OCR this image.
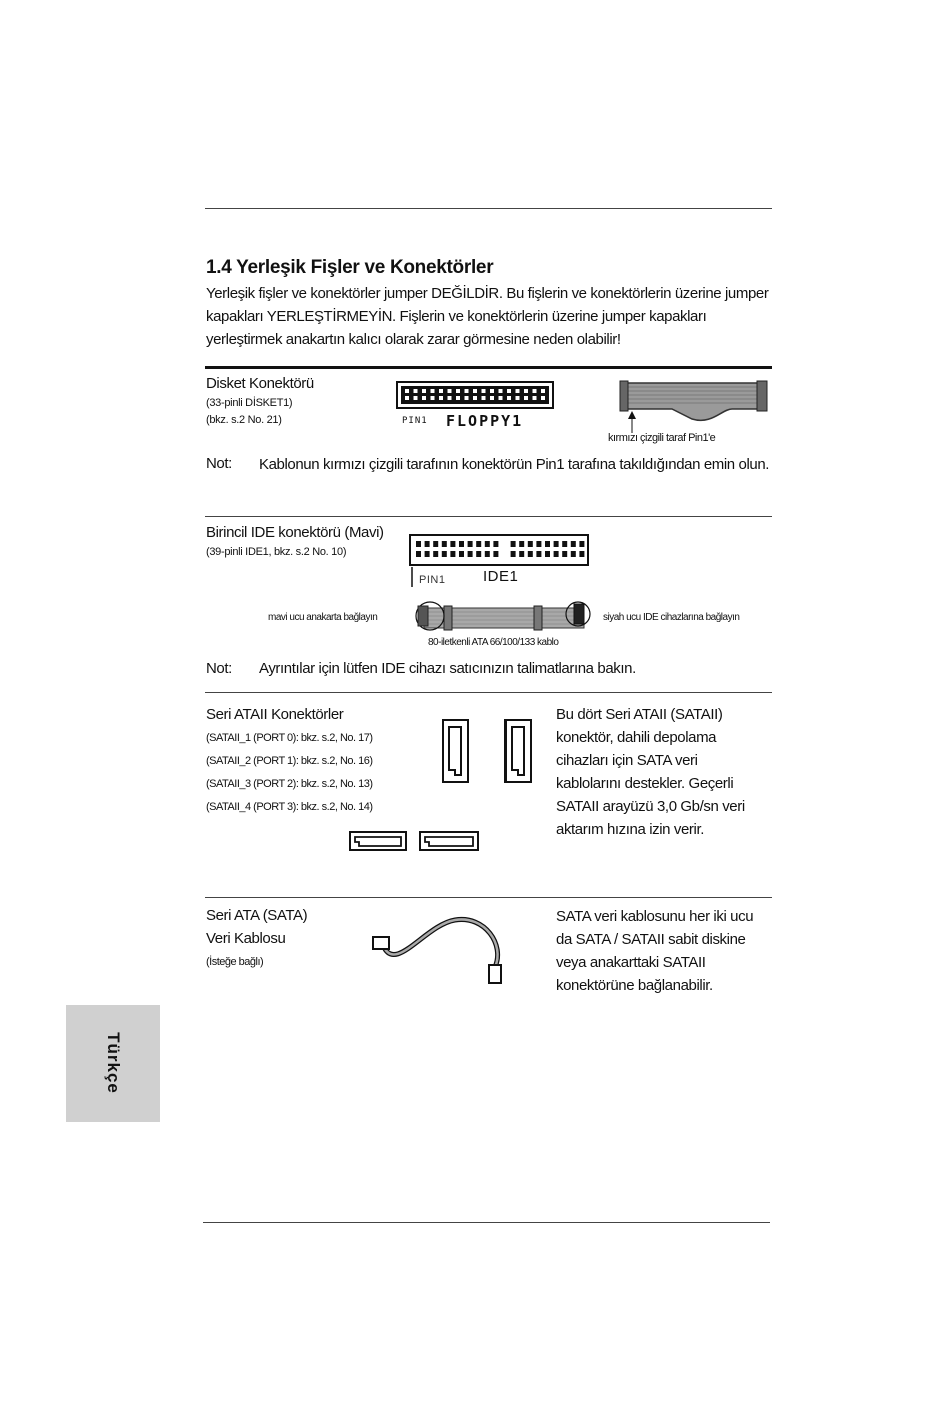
1.4 Yerleşik Fişler ve Konektörler
Yerleşik fişler ve konektörler jumper DEĞİLDİR. Bu fişlerin ve konektörlerin üzerine jumper kapakları YERLEŞTİRMEYİN. Fişlerin ve konektörlerin üzerine jumper kapakları yerleştirmek anakartın kalıcı olarak zarar görmesine neden olabilir!
Disket Konektörü
(33-pinli DİSKET1)
(bkz. s.2 No. 21)	PIN1 FLOPPY1
kırmızı çizgili taraf Pin1'e
Not: Kablonun kırmızı çizgili tarafının konektörün Pin1 tarafına takıldığından emin olun.
Birincil IDE konektörü (Mavi)
(39-pinli IDE1, bkz. s.2 No. 10)
PIN1	IDE1
mavi ucu anakarta bağlayın	siyah ucu IDE cihazlarına bağlayın
80-iletkenli ATA 66/100/133 kablo
Not: Ayrıntılar için lütfen IDE cihazı satıcınızın talimatlarına bakın.
Seri ATAII Konektörler
(SATAII_1 (PORT 0): bkz. s.2, No. 17)
(SATAII_2 (PORT 1): bkz. s.2, No. 16)
(SATAII_3 (PORT 2): bkz. s.2, No. 13)
(SATAII_4 (PORT 3): bkz. s.2, No. 14)
Bu dört Seri ATAII (SATAII)
konektör, dahili depolama
cihazları için SATA veri
kablolarını destekler. Geçerli
SATAII arayüzü 3,0 Gb/sn veri
aktarım hızına izin verir.
Seri ATA (SATA)
Veri Kablosu
(İsteğe bağlı)
SATA veri kablosunu her iki ucu
da SATA / SATAII sabit diskine
veya anakarttaki SATAII
konektörüne bağlanabilir.
Türkçe
